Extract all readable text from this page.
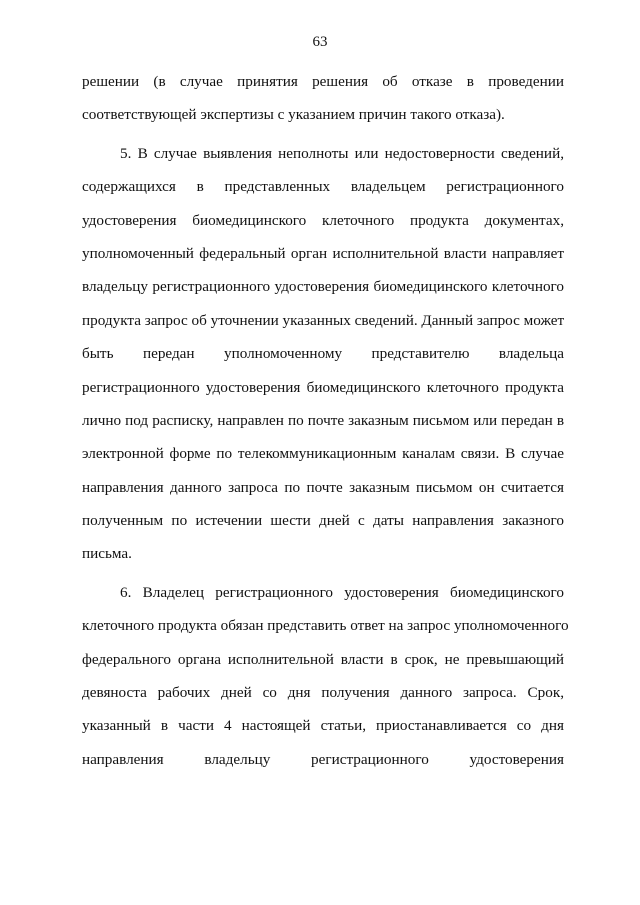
63
решении (в случае принятия решения об отказе в проведении
соответствующей экспертизы с указанием причин такого отказа).
5. В случае выявления неполноты или недостоверности сведений,
содержащихся в представленных владельцем регистрационного
удостоверения биомедицинского клеточного продукта документах,
уполномоченный федеральный орган исполнительной власти направляет
владельцу регистрационного удостоверения биомедицинского клеточного
продукта запрос об уточнении указанных сведений. Данный запрос может
быть передан уполномоченному представителю владельца
регистрационного удостоверения биомедицинского клеточного продукта
лично под расписку, направлен по почте заказным письмом или передан в
электронной форме по телекоммуникационным каналам связи. В случае
направления данного запроса по почте заказным письмом он считается
полученным по истечении шести дней с даты направления заказного
письма.
6. Владелец регистрационного удостоверения биомедицинского
клеточного продукта обязан представить ответ на запрос уполномоченного
федерального органа исполнительной власти в срок, не превышающий
девяноста рабочих дней со дня получения данного запроса. Срок,
указанный в части 4 настоящей статьи, приостанавливается со дня
направления владельцу регистрационного удостоверения
